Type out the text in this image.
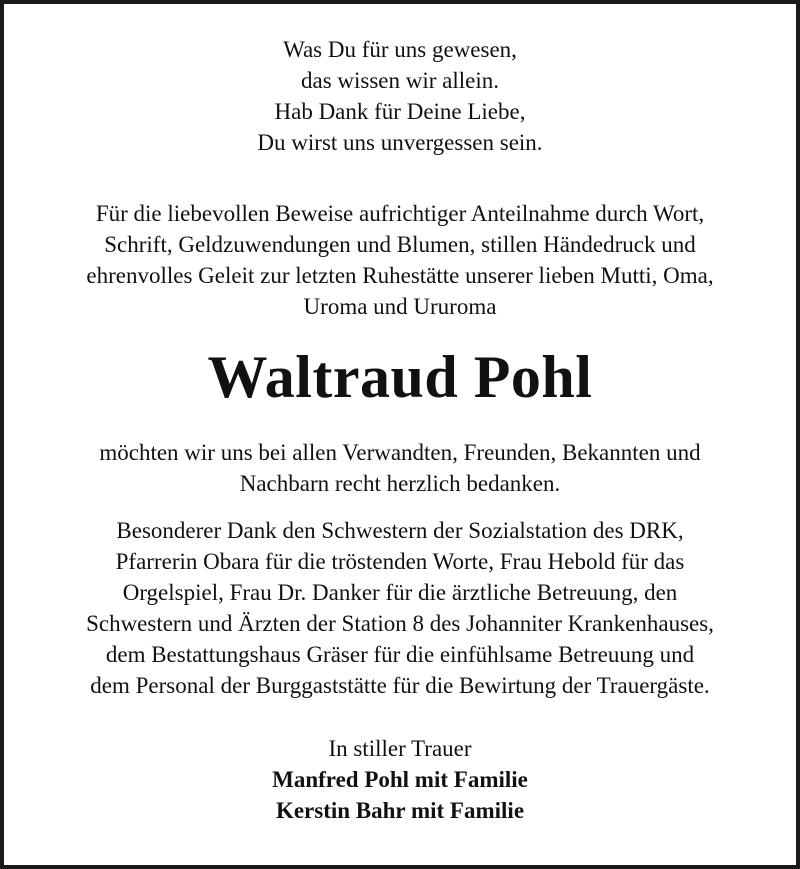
Was Du für uns gewesen,
das wissen wir allein.
Hab Dank für Deine Liebe,
Du wirst uns unvergessen sein.
Für die liebevollen Beweise aufrichtiger Anteilnahme durch Wort,
Schrift, Geldzuwendungen und Blumen, stillen Händedruck und
ehrenvolles Geleit zur letzten Ruhestätte unserer lieben Mutti, Oma,
Uroma und Ururoma
Waltraud Pohl
möchten wir uns bei allen Verwandten, Freunden, Bekannten und
Nachbarn recht herzlich bedanken.
Besonderer Dank den Schwestern der Sozialstation des DRK,
Pfarrerin Obara für die tröstenden Worte, Frau Hebold für das
Orgelspiel, Frau Dr. Danker für die ärztliche Betreuung, den
Schwestern und Ärzten der Station 8 des Johanniter Krankenhauses,
dem Bestattungshaus Gräser für die einfühlsame Betreuung und
dem Personal der Burggaststätte für die Bewirtung der Trauergäste.
In stiller Trauer
Manfred Pohl mit Familie
Kerstin Bahr mit Familie
